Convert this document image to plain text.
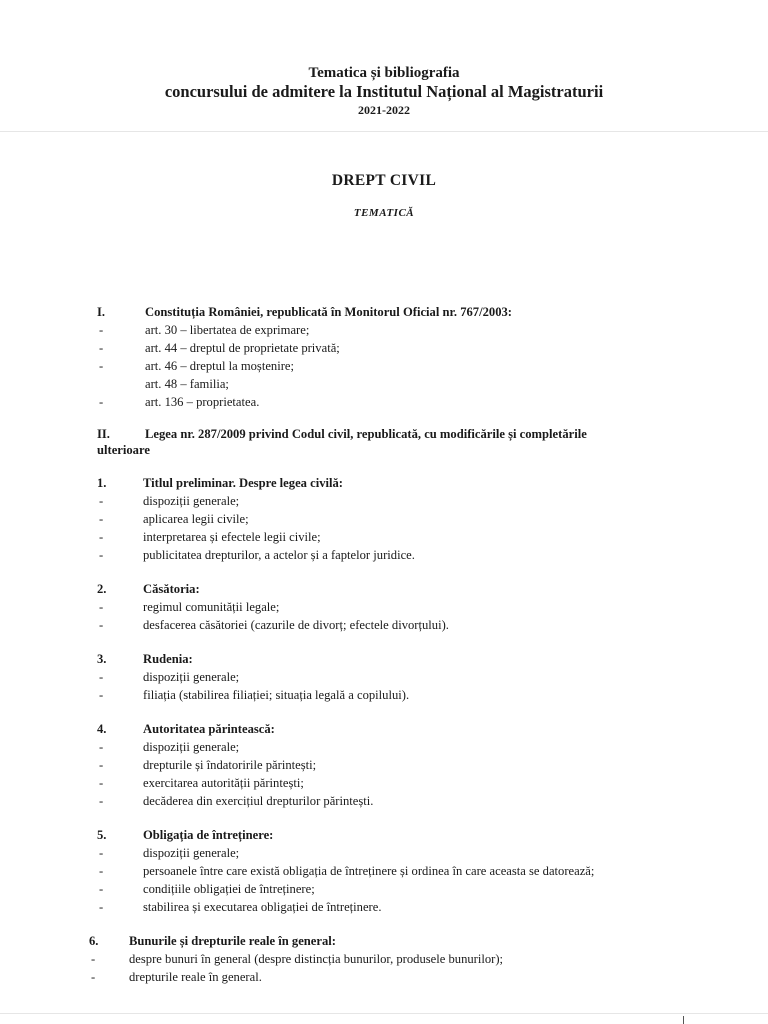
Tematica și bibliografia
concursului de admitere la Institutul Național al Magistraturii
2021-2022
DREPT CIVIL
TEMATICĂ
I.	Constituția României, republicată în Monitorul Oficial nr. 767/2003:
-	art. 30 – libertatea de exprimare;
-	art. 44 – dreptul de proprietate privată;
-	art. 46 – dreptul la moștenire;
art. 48 – familia;
-	art. 136 – proprietatea.
II.	Legea nr. 287/2009 privind Codul civil, republicată, cu modificările și completările
ulterioare
1.	Titlul preliminar. Despre legea civilă:
-	dispoziții generale;
-	aplicarea legii civile;
-	interpretarea și efectele legii civile;
-	publicitatea drepturilor, a actelor și a faptelor juridice.
2.	Căsătoria:
-	regimul comunității legale;
-	desfacerea căsătoriei (cazurile de divorț; efectele divorțului).
3.	Rudenia:
-	dispoziții generale;
-	filiația (stabilirea filiației; situația legală a copilului).
4.	Autoritatea părintească:
-	dispoziții generale;
-	drepturile și îndatoririle părintești;
-	exercitarea autorității părintești;
-	decăderea din exercițiul drepturilor părintești.
5.	Obligația de întreținere:
-	dispoziții generale;
-	persoanele între care există obligația de întreținere și ordinea în care aceasta se datorează;
-	condițiile obligației de întreținere;
-	stabilirea și executarea obligației de întreținere.
6.	Bunurile și drepturile reale în general:
-	despre bunuri în general (despre distincția bunurilor, produsele bunurilor);
-	drepturile reale în general.
